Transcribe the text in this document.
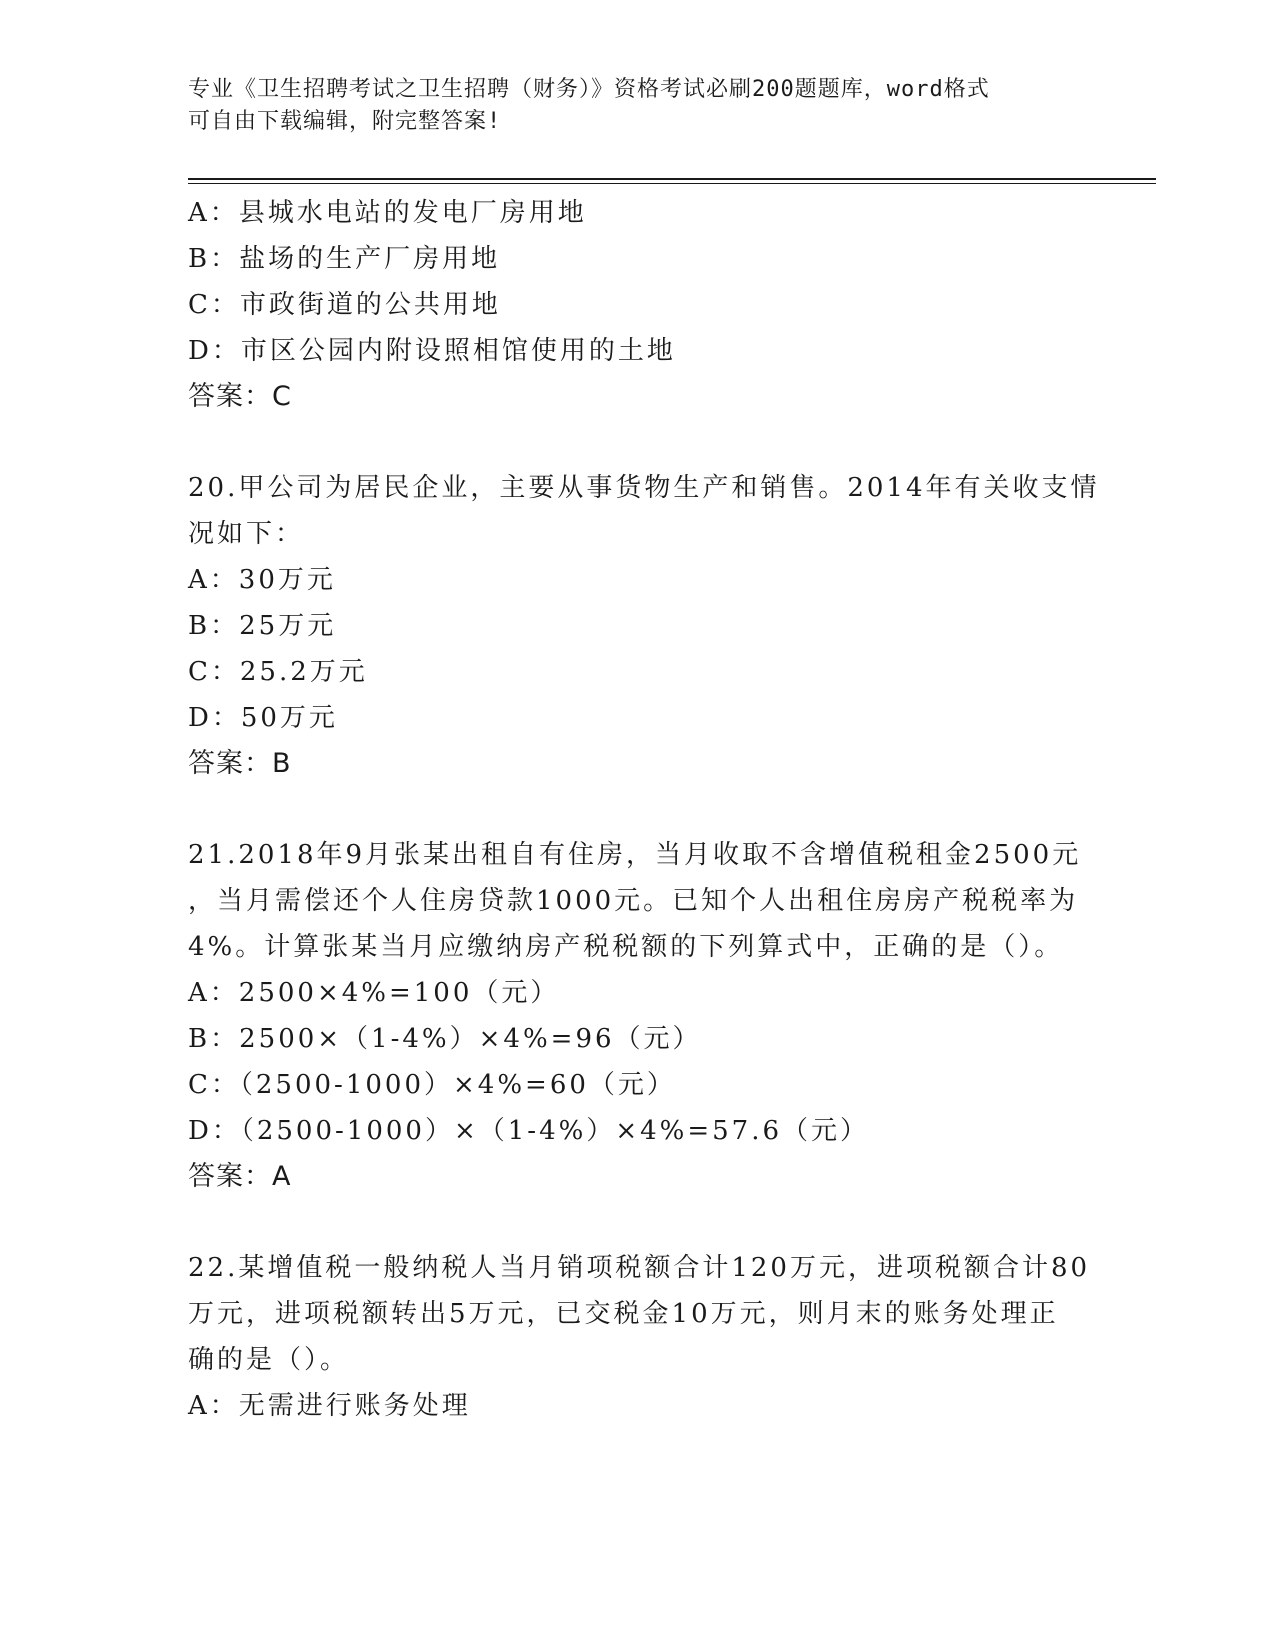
专业《卫生招聘考试之卫生招聘（财务）》资格考试必刷200题题库，word格式
可自由下载编辑，附完整答案!
A：县城水电站的发电厂房用地
B：盐场的生产厂房用地
C：市政街道的公共用地
D：市区公园内附设照相馆使用的土地
答案：C
20.甲公司为居民企业，主要从事货物生产和销售。2014年有关收支情
况如下：
A：30万元
B：25万元
C：25.2万元
D：50万元
答案：B
21.2018年9月张某出租自有住房，当月收取不含增值税租金2500元
，当月需偿还个人住房贷款1000元。已知个人出租住房房产税税率为
4%。计算张某当月应缴纳房产税税额的下列算式中，正确的是（）。
A：2500×4%=100（元）
B：2500×（1-4%）×4%=96（元）
C：（2500-1000）×4%=60（元）
D：（2500-1000）×（1-4%）×4%=57.6（元）
答案：A
22.某增值税一般纳税人当月销项税额合计120万元，进项税额合计80
万元，进项税额转出5万元，已交税金10万元，则月末的账务处理正
确的是（）。
A：无需进行账务处理
